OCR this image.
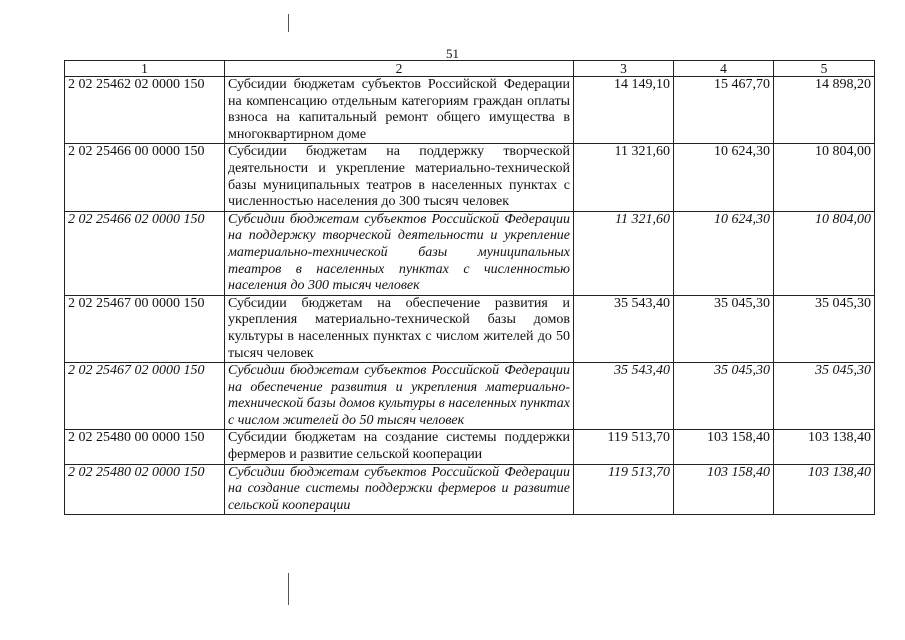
51
1	2	3	4	5
2 02 25462 02 0000 150	Субсидии бюджетам субъектов Российской Федерации на компенсацию отдельным категориям граждан оплаты взноса на капитальный ремонт общего имущества в многоквартирном доме	14 149,10	15 467,70	14 898,20
2 02 25466 00 0000 150	Субсидии бюджетам на поддержку творческой деятельности и укрепление материально-технической базы муниципальных театров в населенных пунктах с численностью населения до 300 тысяч человек	11 321,60	10 624,30	10 804,00
2 02 25466 02 0000 150	Субсидии бюджетам субъектов Российской Федерации на поддержку творческой деятельности и укрепление материально-технической базы муниципальных театров в населенных пунктах с численностью населения до 300 тысяч человек	11 321,60	10 624,30	10 804,00
2 02 25467 00 0000 150	Субсидии бюджетам на обеспечение развития и укрепления материально-технической базы домов культуры в населенных пунктах с числом жителей до 50 тысяч человек	35 543,40	35 045,30	35 045,30
2 02 25467 02 0000 150	Субсидии бюджетам субъектов Российской Федерации на обеспечение развития и укрепления материально-технической базы домов культуры в населенных пунктах с числом жителей до 50 тысяч человек	35 543,40	35 045,30	35 045,30
2 02 25480 00 0000 150	Субсидии бюджетам на создание системы поддержки фермеров и развитие сельской кооперации	119 513,70	103 158,40	103 138,40
2 02 25480 02 0000 150	Субсидии бюджетам субъектов Российской Федерации на создание системы поддержки фермеров и развитие сельской кооперации	119 513,70	103 158,40	103 138,40
